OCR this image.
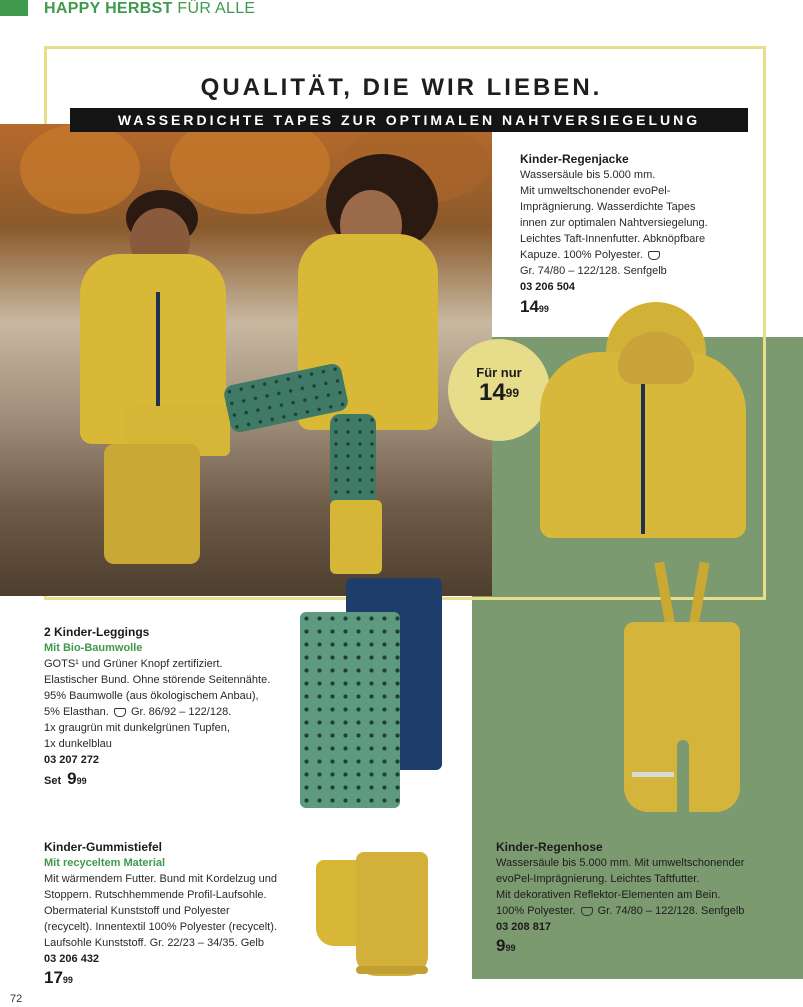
HAPPY HERBST FÜR ALLE
QUALITÄT, DIE WIR LIEBEN.
WASSERDICHTE TAPES ZUR OPTIMALEN NAHTVERSIEGELUNG
Kinder-Regenjacke
Wassersäule bis 5.000 mm.
Mit umweltschonender evoPel-
Imprägnierung. Wasserdichte Tapes
innen zur optimalen Nahtversiegelung.
Leichtes Taft-Innenfutter. Abknöpfbare
Kapuze. 100% Polyester.
Gr. 74/80 – 122/128. Senfgelb
03 206 504
$14^{99}$
Für nur
$14^{99}$
2 Kinder-Leggings
Mit Bio-Baumwolle
GOTS¹ und Grüner Knopf zertifiziert.
Elastischer Bund. Ohne störende Seitennähte.
95% Baumwolle (aus ökologischem Anbau),
5% Elasthan. Gr. 86/92 – 122/128.
1x graugrün mit dunkelgrünen Tupfen,
1x dunkelblau
03 207 272
Set $9^{99}$
Kinder-Gummistiefel
Mit recyceltem Material
Mit wärmendem Futter. Bund mit Kordelzug und
Stoppern. Rutschhemmende Profil-Laufsohle.
Obermaterial Kunststoff und Polyester
(recycelt). Innentextil 100% Polyester (recycelt).
Laufsohle Kunststoff. Gr. 22/23 – 34/35. Gelb
03 206 432
$17^{99}$
Kinder-Regenhose
Wassersäule bis 5.000 mm. Mit umweltschonender
evoPel-Imprägnierung. Leichtes Taftfutter.
Mit dekorativen Reflektor-Elementen am Bein.
100% Polyester. Gr. 74/80 – 122/128. Senfgelb
03 208 817
$9^{99}$
72
